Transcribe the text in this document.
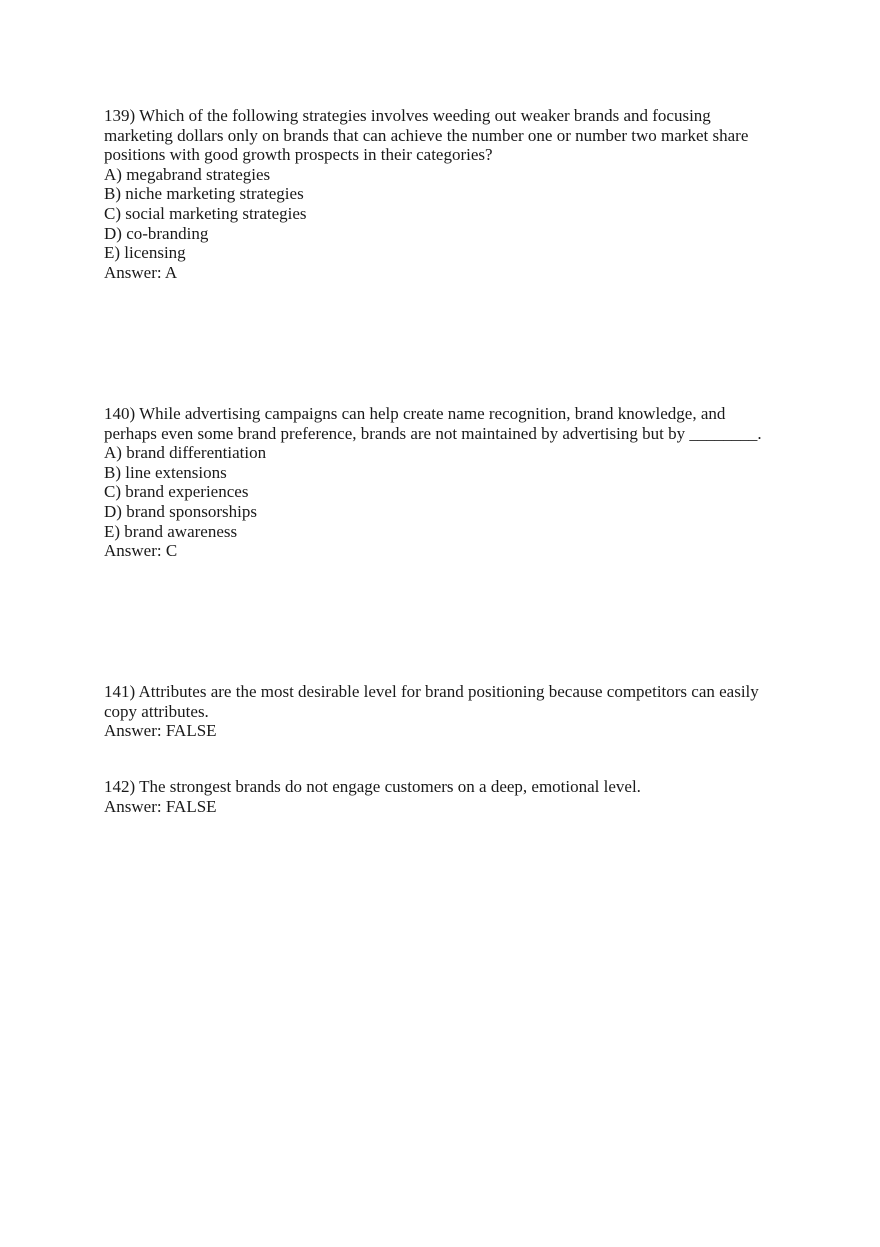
139) Which of the following strategies involves weeding out weaker brands and focusing
marketing dollars only on brands that can achieve the number one or number two market share
positions with good growth prospects in their categories?
A) megabrand strategies
B) niche marketing strategies
C) social marketing strategies
D) co-branding
E) licensing
Answer: A
140) While advertising campaigns can help create name recognition, brand knowledge, and
perhaps even some brand preference, brands are not maintained by advertising but by ________.
A) brand differentiation
B) line extensions
C) brand experiences
D) brand sponsorships
E) brand awareness
Answer: C
141) Attributes are the most desirable level for brand positioning because competitors can easily
copy attributes.
Answer: FALSE
142) The strongest brands do not engage customers on a deep, emotional level.
Answer: FALSE
